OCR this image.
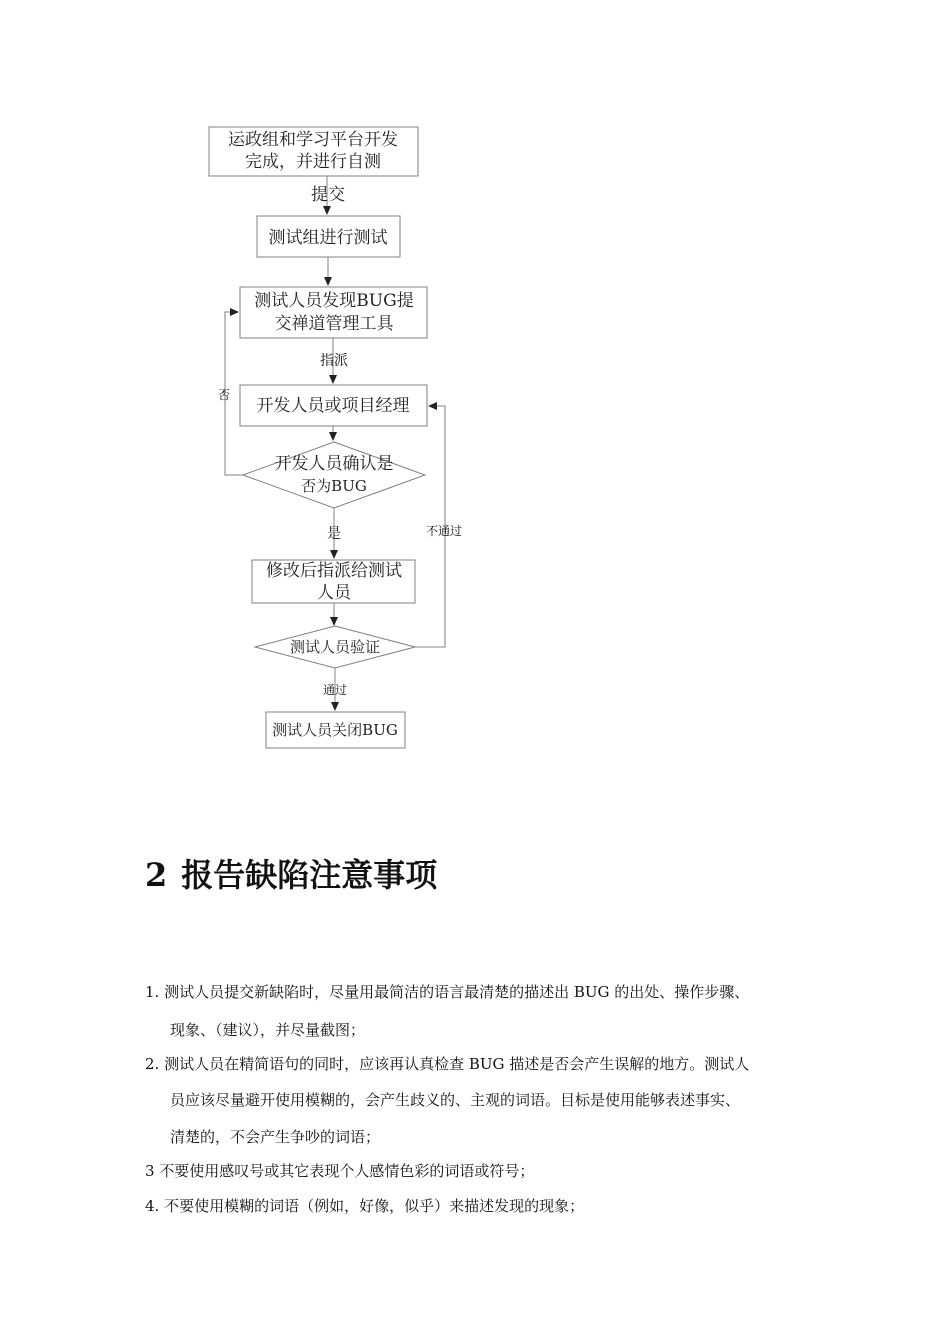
运政组和学习平台开发
完成，并进行自测
提交
测试组进行测试
测试人员发现BUG提
交禅道管理工具
指派
开发人员或项目经理
开发人员确认是
否为BUG
否
是
修改后指派给测试
人员
测试人员验证
不通过
通过
测试人员关闭BUG
2 报告缺陷注意事项
1. 测试人员提交新缺陷时，尽量用最简洁的语言最清楚的描述出 BUG 的出处、操作步骤、
现象、（建议），并尽量截图；
2. 测试人员在精简语句的同时，应该再认真检查 BUG 描述是否会产生误解的地方。测试人
员应该尽量避开使用模糊的，会产生歧义的、主观的词语。目标是使用能够表述事实、
清楚的，不会产生争吵的词语；
3 不要使用感叹号或其它表现个人感情色彩的词语或符号；
4. 不要使用模糊的词语（例如，好像，似乎）来描述发现的现象；
